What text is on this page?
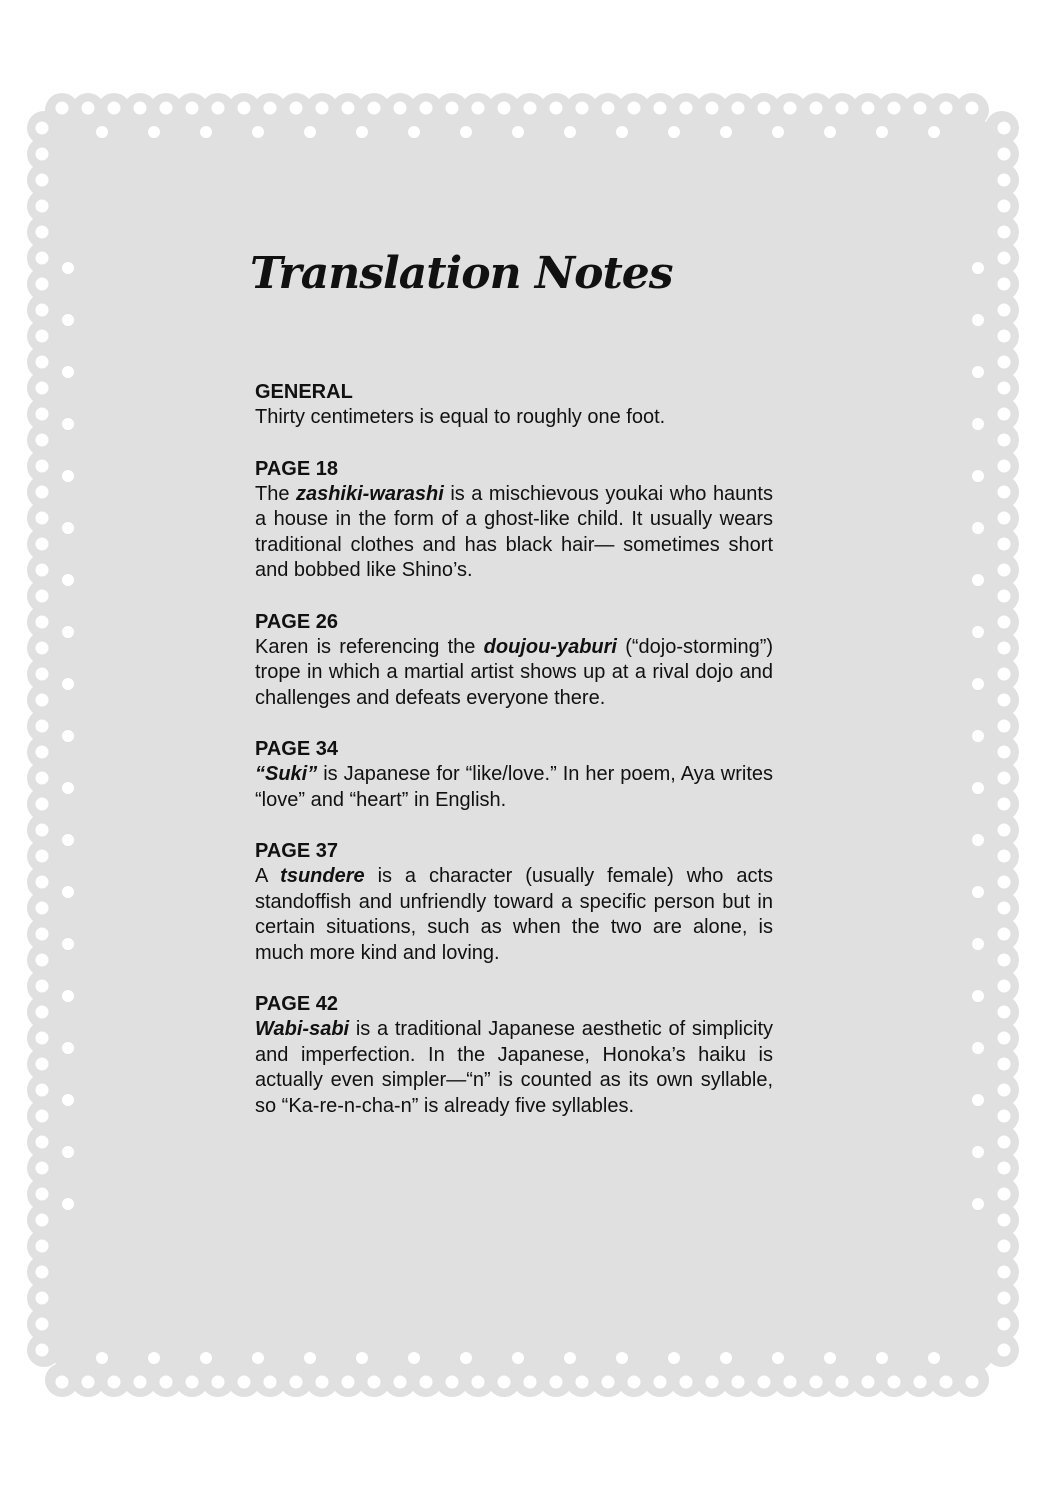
Translation Notes
GENERAL
Thirty centimeters is equal to roughly one foot.
PAGE 18
The zashiki-warashi is a mischievous youkai who haunts a house in the form of a ghost-like child. It usually wears traditional clothes and has black hair— sometimes short and bobbed like Shino’s.
PAGE 26
Karen is referencing the doujou-yaburi (“dojo-storming”) trope in which a martial artist shows up at a rival dojo and challenges and defeats everyone there.
PAGE 34
“Suki” is Japanese for “like/love.” In her poem, Aya writes “love” and “heart” in English.
PAGE 37
A tsundere is a character (usually female) who acts standoffish and unfriendly toward a specific person but in certain situations, such as when the two are alone, is much more kind and loving.
PAGE 42
Wabi-sabi is a traditional Japanese aesthetic of simplicity and imperfection. In the Japanese, Honoka’s haiku is actually even simpler—“n” is counted as its own syllable, so “Ka-re-n-cha-n” is already five syllables.
